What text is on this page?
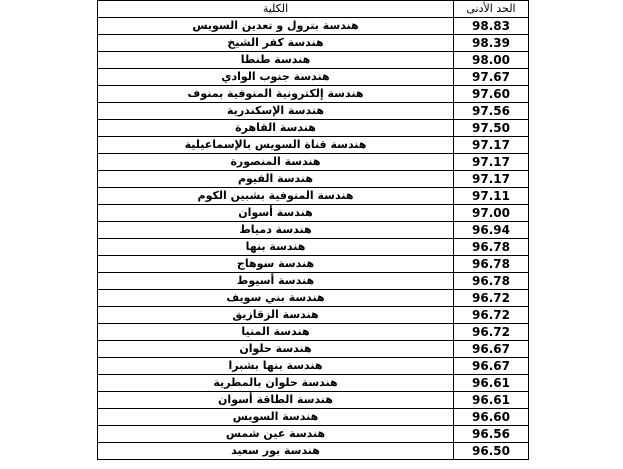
الكلية	الحد الأدنى
هندسة بترول و تعدين السويس	98.83
هندسة كفر الشيخ	98.39
هندسة طنطا	98.00
هندسة جنوب الوادي	97.67
هندسة إلكترونية المنوفية بمنوف	97.60
هندسة الإسكندرية	97.56
هندسة القاهرة	97.50
هندسة قناة السويس بالإسماعيلية	97.17
هندسة المنصورة	97.17
هندسة الفيوم	97.17
هندسة المنوفية بشبين الكوم	97.11
هندسة أسوان	97.00
هندسة دمياط	96.94
هندسة بنها	96.78
هندسة سوهاج	96.78
هندسة أسيوط	96.78
هندسة بني سويف	96.72
هندسة الزقازيق	96.72
هندسة المنيا	96.72
هندسة حلوان	96.67
هندسة بنها بشبرا	96.67
هندسة حلوان بالمطرية	96.61
هندسة الطاقة أسوان	96.61
هندسة السويس	96.60
هندسة عين شمس	96.56
هندسة بور سعيد	96.50
